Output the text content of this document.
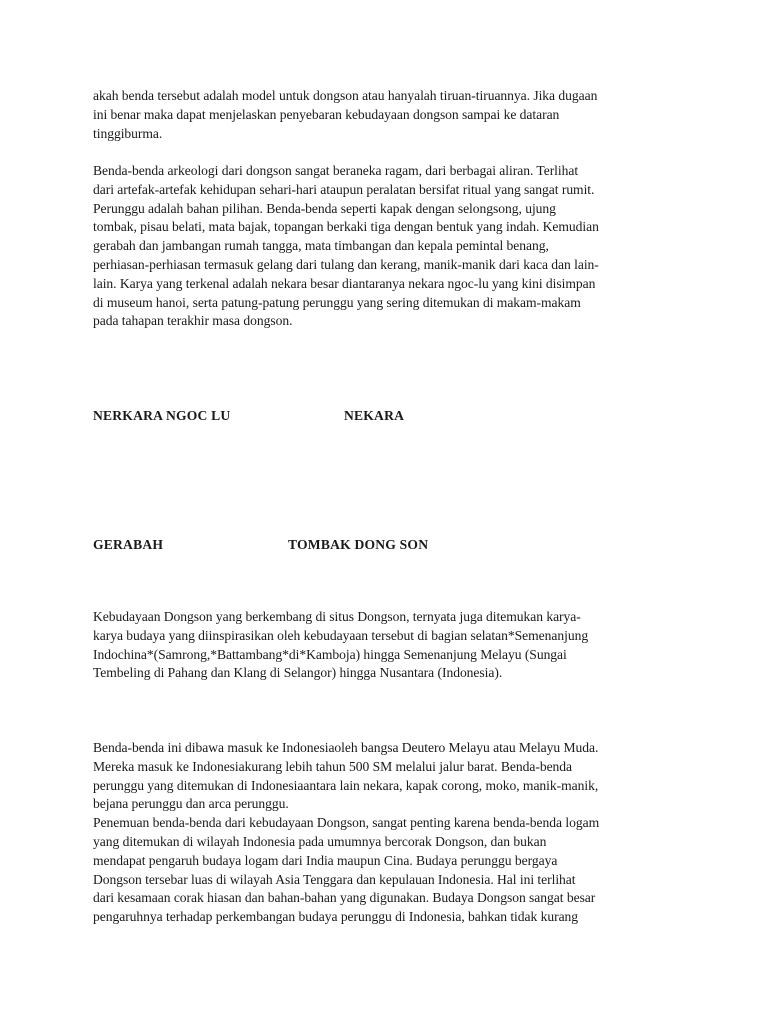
akah benda tersebut adalah model untuk dongson atau hanyalah tiruan-tiruannya. Jika dugaan
ini benar maka dapat menjelaskan penyebaran kebudayaan dongson sampai ke dataran
tinggiburma.
Benda-benda arkeologi dari dongson sangat beraneka ragam, dari berbagai aliran. Terlihat
dari artefak-artefak kehidupan sehari-hari ataupun peralatan bersifat ritual yang sangat rumit.
Perunggu adalah bahan pilihan. Benda-benda seperti kapak dengan selongsong, ujung
tombak, pisau belati, mata bajak, topangan berkaki tiga dengan bentuk yang indah. Kemudian
gerabah dan jambangan rumah tangga, mata timbangan dan kepala pemintal benang,
perhiasan-perhiasan termasuk gelang dari tulang dan kerang, manik-manik dari kaca dan lain-
lain. Karya yang terkenal adalah nekara besar diantaranya nekara ngoc-lu yang kini disimpan
di museum hanoi, serta patung-patung perunggu yang sering ditemukan di makam-makam
pada tahapan terakhir masa dongson.
NERKARA NGOC LU	NEKARA
GERABAH	TOMBAK DONG SON
Kebudayaan Dongson yang berkembang di situs Dongson, ternyata juga ditemukan karya-
karya budaya yang diinspirasikan oleh kebudayaan tersebut di bagian selatan*Semenanjung
Indochina*(Samrong,*Battambang*di*Kamboja) hingga Semenanjung Melayu (Sungai
Tembeling di Pahang dan Klang di Selangor) hingga Nusantara (Indonesia).
Benda-benda ini dibawa masuk ke Indonesiaoleh bangsa Deutero Melayu atau Melayu Muda.
Mereka masuk ke Indonesiakurang lebih tahun 500 SM melalui jalur barat. Benda-benda
perunggu yang ditemukan di Indonesiaantara lain nekara, kapak corong, moko, manik-manik,
bejana perunggu dan arca perunggu.
Penemuan benda-benda dari kebudayaan Dongson, sangat penting karena benda-benda logam
yang ditemukan di wilayah Indonesia pada umumnya bercorak Dongson, dan bukan
mendapat pengaruh budaya logam dari India maupun Cina. Budaya perunggu bergaya
Dongson tersebar luas di wilayah Asia Tenggara dan kepulauan Indonesia. Hal ini terlihat
dari kesamaan corak hiasan dan bahan-bahan yang digunakan. Budaya Dongson sangat besar
pengaruhnya terhadap perkembangan budaya perunggu di Indonesia, bahkan tidak kurang
